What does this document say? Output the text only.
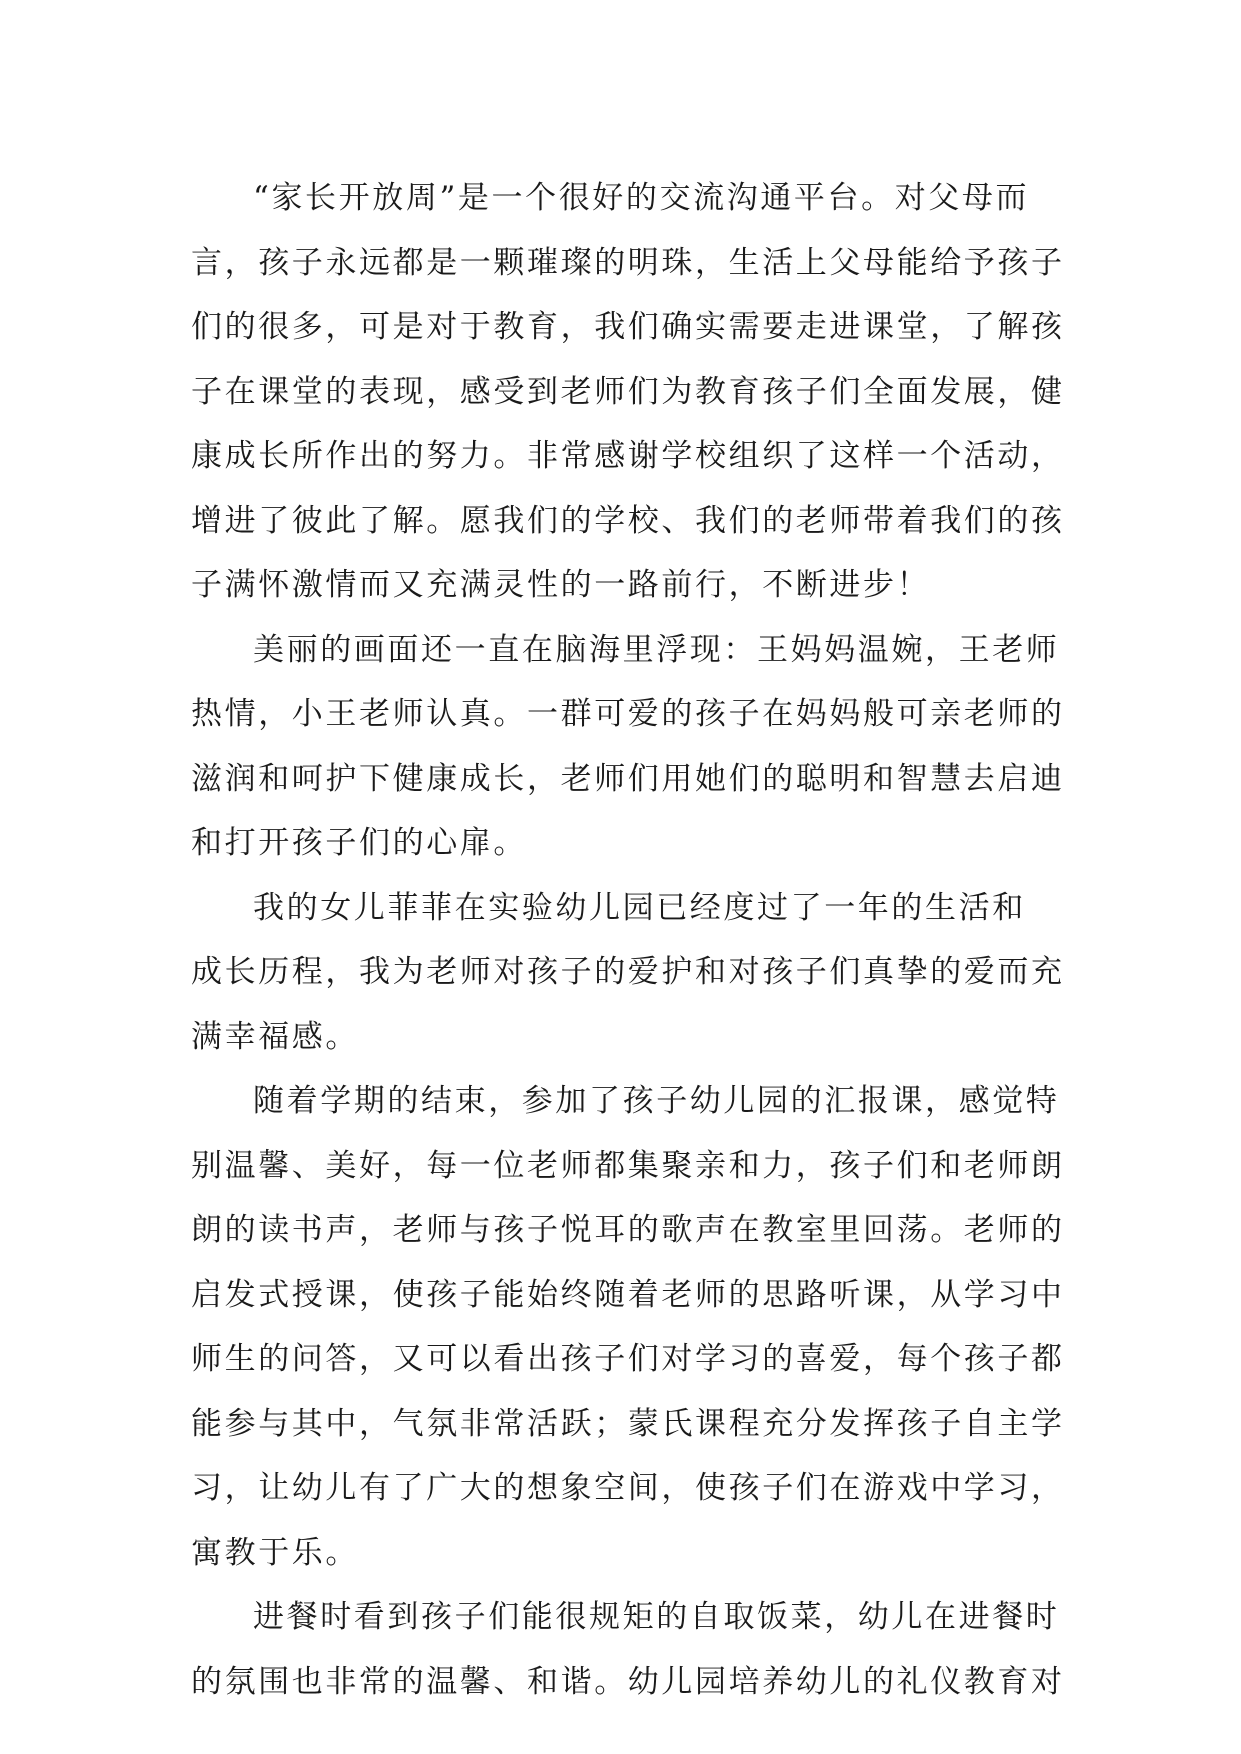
“家长开放周”是一个很好的交流沟通平台。对父母而
言，孩子永远都是一颗璀璨的明珠，生活上父母能给予孩子
们的很多，可是对于教育，我们确实需要走进课堂，了解孩
子在课堂的表现，感受到老师们为教育孩子们全面发展，健
康成长所作出的努力。非常感谢学校组织了这样一个活动，
增进了彼此了解。愿我们的学校、我们的老师带着我们的孩
子满怀激情而又充满灵性的一路前行，不断进步！
美丽的画面还一直在脑海里浮现：王妈妈温婉，王老师
热情，小王老师认真。一群可爱的孩子在妈妈般可亲老师的
滋润和呵护下健康成长，老师们用她们的聪明和智慧去启迪
和打开孩子们的心扉。
我的女儿菲菲在实验幼儿园已经度过了一年的生活和
成长历程，我为老师对孩子的爱护和对孩子们真挚的爱而充
满幸福感。
随着学期的结束，参加了孩子幼儿园的汇报课，感觉特
别温馨、美好，每一位老师都集聚亲和力，孩子们和老师朗
朗的读书声，老师与孩子悦耳的歌声在教室里回荡。老师的
启发式授课，使孩子能始终随着老师的思路听课，从学习中
师生的问答，又可以看出孩子们对学习的喜爱，每个孩子都
能参与其中，气氛非常活跃；蒙氏课程充分发挥孩子自主学
习，让幼儿有了广大的想象空间，使孩子们在游戏中学习，
寓教于乐。
进餐时看到孩子们能很规矩的自取饭菜，幼儿在进餐时
的氛围也非常的温馨、和谐。幼儿园培养幼儿的礼仪教育对
